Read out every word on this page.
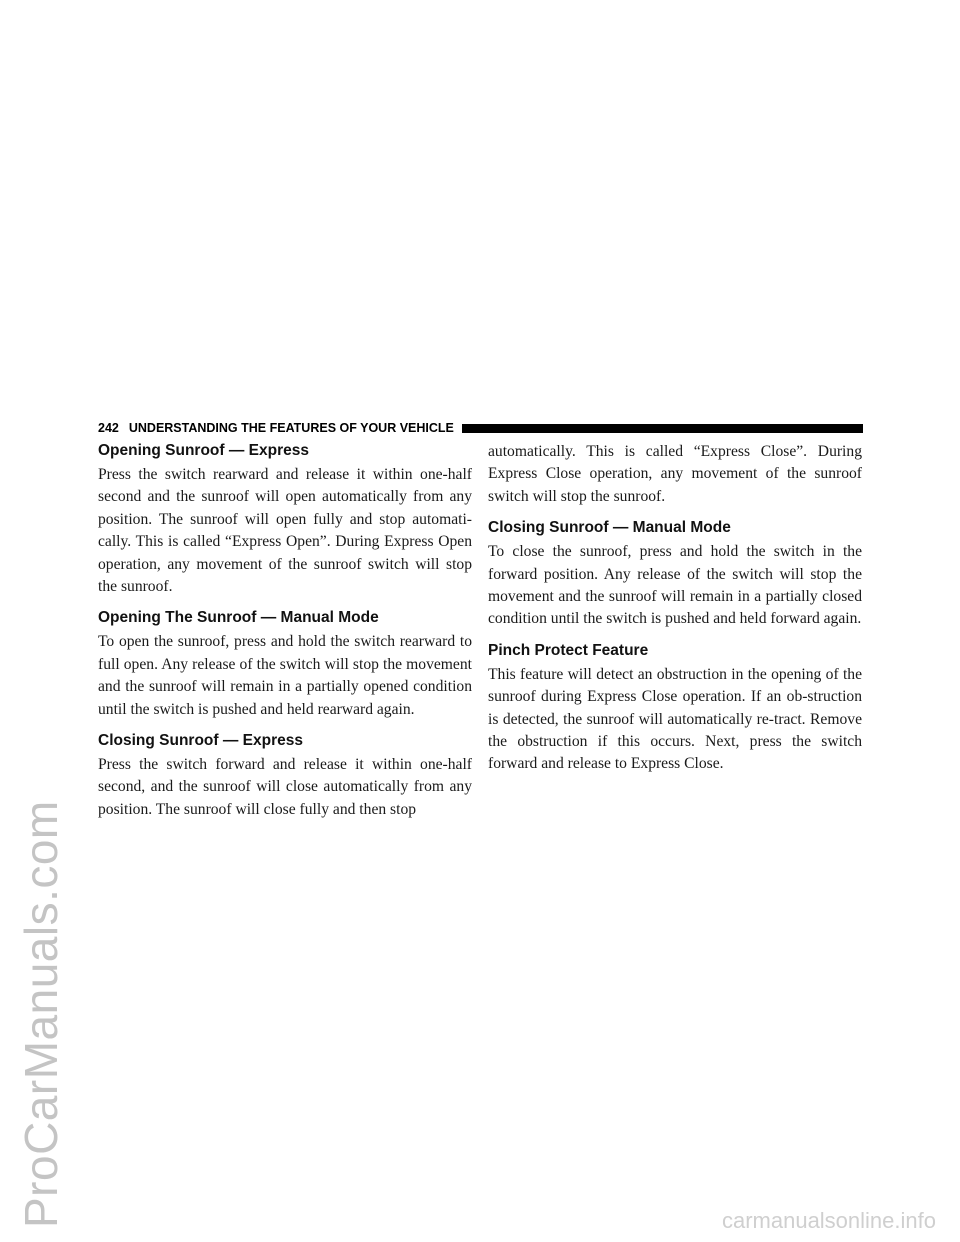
ProCarManuals.com	carmanualsonline.info
242 UNDERSTANDING THE FEATURES OF YOUR VEHICLE
Opening Sunroof — Express

Press the switch rearward and release it within one-half second and the sunroof will open automatically from any position. The sunroof will open fully and stop automati-cally. This is called “Express Open”. During Express Open operation, any movement of the sunroof switch will stop the sunroof.

Opening The Sunroof — Manual Mode

To open the sunroof, press and hold the switch rearward to full open. Any release of the switch will stop the movement and the sunroof will remain in a partially opened condition until the switch is pushed and held rearward again.

Closing Sunroof — Express

Press the switch forward and release it within one-half second, and the sunroof will close automatically from any position. The sunroof will close fully and then stop

automatically. This is called “Express Close”. During Express Close operation, any movement of the sunroof switch will stop the sunroof.

Closing Sunroof — Manual Mode

To close the sunroof, press and hold the switch in the forward position. Any release of the switch will stop the movement and the sunroof will remain in a partially closed condition until the switch is pushed and held forward again.

Pinch Protect Feature

This feature will detect an obstruction in the opening of the sunroof during Express Close operation. If an ob-struction is detected, the sunroof will automatically re-tract. Remove the obstruction if this occurs. Next, press the switch forward and release to Express Close.
